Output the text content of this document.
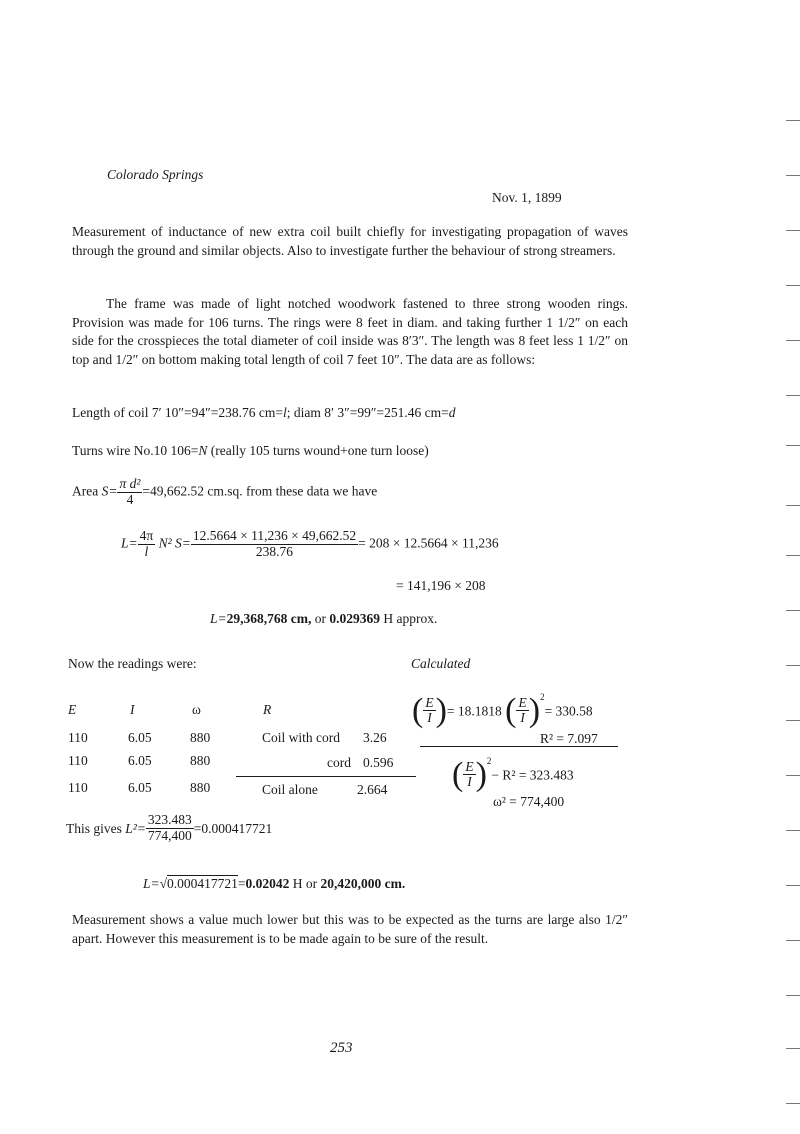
Colorado Springs
Nov. 1, 1899
Measurement of inductance of new extra coil built chiefly for investigating propagation of waves through the ground and similar objects. Also to investigate further the behaviour of strong streamers.
The frame was made of light notched woodwork fastened to three strong wooden rings. Provision was made for 106 turns. The rings were 8 feet in diam. and taking further 1 1/2″ on each side for the crosspieces the total diameter of coil inside was 8′3″. The length was 8 feet less 1 1/2″ on top and 1/2″ on bottom making total length of coil 7 feet 10″. The data are as follows:
Length of coil 7′ 10″=94″=238.76 cm=l; diam 8′ 3″=99″=251.46 cm=d
Turns wire No.10 106=N (really 105 turns wound+one turn loose)
Area $S= \frac{\text{π d²}}{4} =49,662.52$ cm.sq. from these data we have
$L= \frac{4\pi}{l} N^2$ $S= \frac{12.5664 \times 11,236 \times 49,662.52}{238.76} = 208 \times 12.5664 \times 11,236$
= 141,196 × 208
L=29,368,768 cm, or 0.029369 H approx.
Now the readings were:	Calculated
E	I	ω	R
110	6.05	880	Coil with cord 3.26
110	6.05	880	cord 0.596
110	6.05	880	Coil alone	2.664
( $\frac{E}{I}$ )= 18.1818 ( $\frac{E}{I} )^2= 330.58$
R² = 7.097
( $\frac{E}{I} )^2- R^2 = 323.483$
ω² = 774,400
This gives $L^2= \frac{323.483}{774,400} =0.000417721$
L=√0.000417721=0.02042 H or 20,420,000 cm.
Measurement shows a value much lower but this was to be expected as the turns are large also 1/2″ apart. However this measurement is to be made again to be sure of the result.
253
